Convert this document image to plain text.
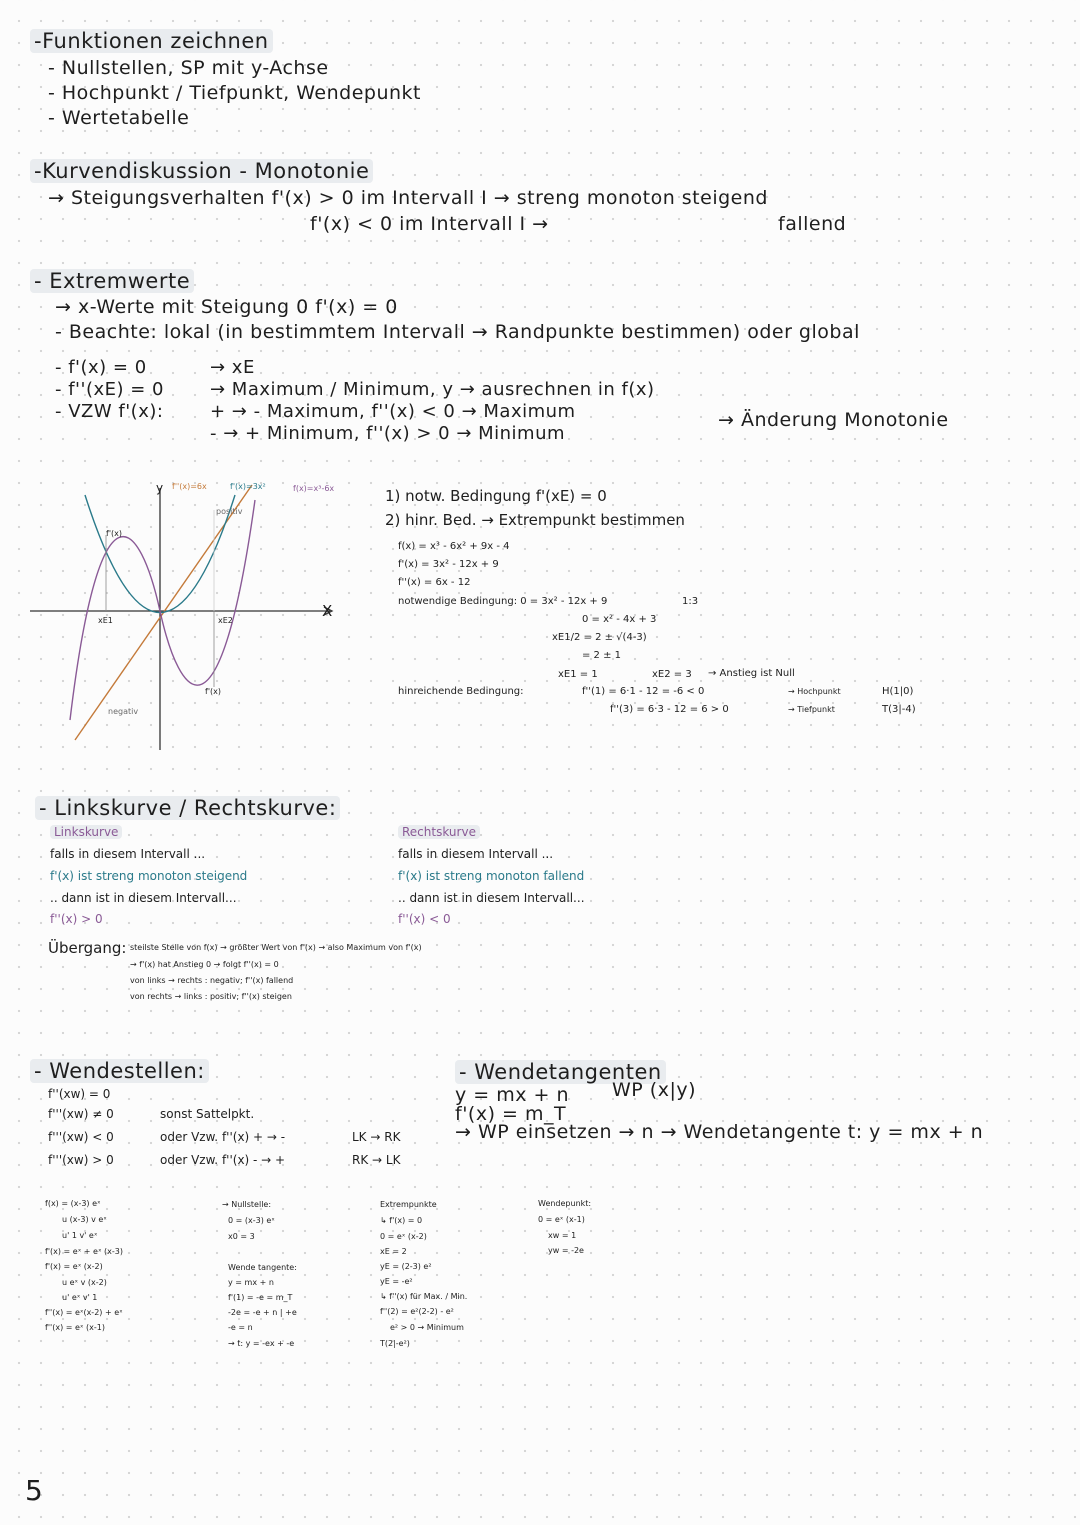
-Funktionen zeichnen
- Nullstellen, SP mit y-Achse
- Hochpunkt / Tiefpunkt, Wendepunkt
- Wertetabelle
-Kurvendiskussion - Monotonie
→ Steigungsverhalten f'(x) > 0 im Intervall I → streng monoton steigend
f'(x) < 0 im Intervall I →	fallend
- Extremwerte
→ x-Werte mit Steigung 0 f'(x) = 0
- Beachte: lokal (in bestimmtem Intervall → Randpunkte bestimmen) oder global
- f'(x) = 0	→ xE
- f''(xE) = 0	→ Maximum / Minimum, y → ausrechnen in f(x)
- VZW f'(x):	+ → - Maximum, f''(x) < 0 → Maximum
- → + Minimum, f''(x) > 0 → Minimum
→ Änderung Monotonie
y
X
f''(x)=6x	f'(x)=3x²	f(x)=x³-6x
positiv
negativ
f'(x)
f'(x)
xE1	xE2
1) notw. Bedingung f'(xE) = 0
2) hinr. Bed. → Extrempunkt bestimmen
f(x) = x³ - 6x² + 9x - 4
f'(x) = 3x² - 12x + 9
f''(x) = 6x - 12
notwendige Bedingung: 0 = 3x² - 12x + 9	1:3
0 = x² - 4x + 3
xE1/2 = 2 ± √(4-3)
= 2 ± 1
xE1 = 1	xE2 = 3 → Anstieg ist Null
hinreichende Bedingung:	f''(1) = 6·1 - 12 = -6 < 0	→ Hochpunkt	H(1|0)
f''(3) = 6·3 - 12 = 6 > 0	→ Tiefpunkt	T(3|-4)
- Linkskurve / Rechtskurve:
Linkskurve
falls in diesem Intervall ...
f'(x) ist streng monoton steigend
.. dann ist in diesem Intervall...
f''(x) > 0
Rechtskurve
falls in diesem Intervall ...
f'(x) ist streng monoton fallend
.. dann ist in diesem Intervall...
f''(x) < 0
Übergang: steilste Stelle von f(x) → größter Wert von f'(x) → also Maximum von f'(x)
→ f'(x) hat Anstieg 0 → folgt f''(x) = 0
von links → rechts : negativ; f''(x) fallend
von rechts → links : positiv; f''(x) steigen
- Wendestellen:
f''(xw) = 0
f'''(xw) ≠ 0	sonst Sattelpkt.
f'''(xw) < 0	oder Vzw. f''(x) + → -	LK → RK
f'''(xw) > 0	oder Vzw. f''(x) - → +	RK → LK
- Wendetangenten
y = mx + n WP (x|y)
f'(x) = m_T
→ WP einsetzen → n → Wendetangente t: y = mx + n
f(x) = (x-3) eˣ
u (x-3) v eˣ
u' 1 v' eˣ
f'(x) = eˣ + eˣ (x-3)
f'(x) = eˣ (x-2)
u eˣ v (x-2)
u' eˣ v' 1
f''(x) = eˣ(x-2) + eˣ
f''(x) = eˣ (x-1)
→ Nullstelle:
0 = (x-3) eˣ
x0 = 3
Wende tangente:
y = mx + n
f'(1) = -e = m_T
-2e = -e + n | +e
-e = n
→ t: y = -ex + -e
Extrempunkte
↳ f'(x) = 0
0 = eˣ (x-2)
xE = 2
yE = (2-3) e²
yE = -e²
↳ f''(x) für Max. / Min.
f''(2) = e²(2-2) - e²
e² > 0 → Minimum
T(2|-e²)
Wendepunkt:
0 = eˣ (x-1)
xw = 1
yw = -2e
5
